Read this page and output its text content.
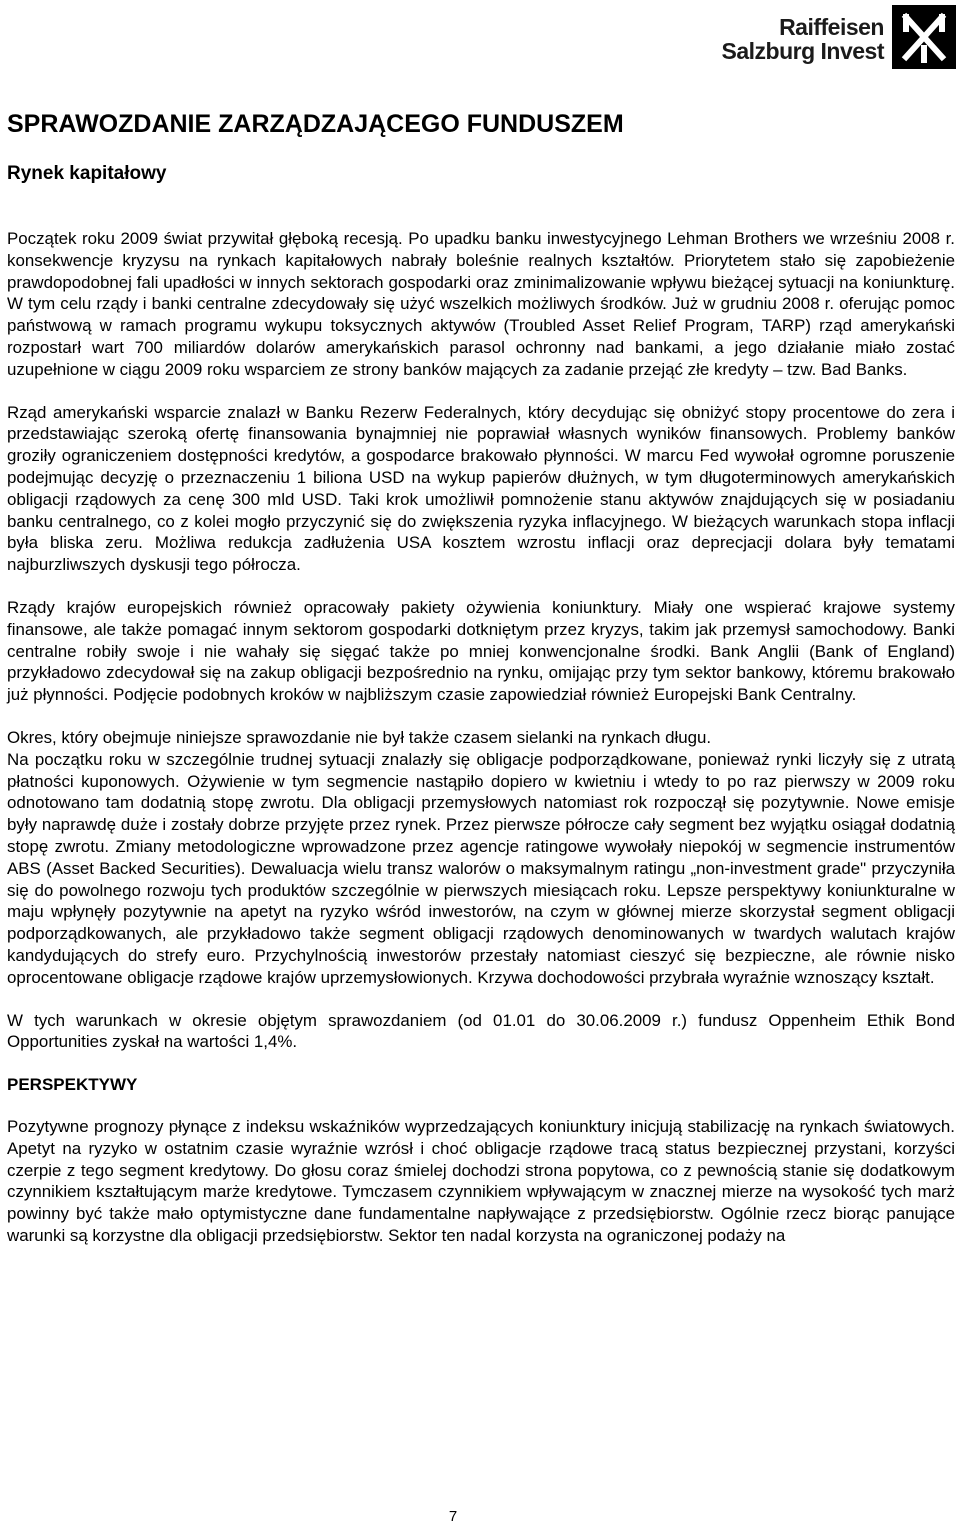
Raiffeisen
Salzburg Invest
SPRAWOZDANIE ZARZĄDZAJĄCEGO FUNDUSZEM
Rynek kapitałowy

Początek roku 2009 świat przywitał głęboką recesją. Po upadku banku inwestycyjnego Lehman Brothers we wrześniu 2008 r. konsekwencje kryzysu na rynkach kapitałowych nabrały boleśnie realnych kształtów. Priorytetem stało się zapobieżenie prawdopodobnej fali upadłości w innych sektorach gospodarki oraz zminimalizowanie wpływu bieżącej sytuacji na koniunkturę. W tym celu rządy i banki centralne zdecydowały się użyć wszelkich możliwych środków. Już w grudniu 2008 r. oferując pomoc państwową w ramach programu wykupu toksycznych aktywów (Troubled Asset Relief Program, TARP) rząd amerykański rozpostarł wart 700 miliardów dolarów amerykańskich parasol ochronny nad bankami, a jego działanie miało zostać uzupełnione w ciągu 2009 roku wsparciem ze strony banków mających za zadanie przejąć złe kredyty – tzw. Bad Banks.

Rząd amerykański wsparcie znalazł w Banku Rezerw Federalnych, który decydując się obniżyć stopy procentowe do zera i przedstawiając szeroką ofertę finansowania bynajmniej nie poprawiał własnych wyników finansowych. Problemy banków groziły ograniczeniem dostępności kredytów, a gospodarce brakowało płynności. W marcu Fed wywołał ogromne poruszenie podejmując decyzję o przeznaczeniu 1 biliona USD na wykup papierów dłużnych, w tym długoterminowych amerykańskich obligacji rządowych za cenę 300 mld USD. Taki krok umożliwił pomnożenie stanu aktywów znajdujących się w posiadaniu banku centralnego, co z kolei mogło przyczynić się do zwiększenia ryzyka inflacyjnego. W bieżących warunkach stopa inflacji była bliska zeru. Możliwa redukcja zadłużenia USA kosztem wzrostu inflacji oraz deprecjacji dolara były tematami najburzliwszych dyskusji tego półrocza.

Rządy krajów europejskich również opracowały pakiety ożywienia koniunktury. Miały one wspierać krajowe systemy finansowe, ale także pomagać innym sektorom gospodarki dotkniętym przez kryzys, takim jak przemysł samochodowy. Banki centralne robiły swoje i nie wahały się sięgać także po mniej konwencjonalne środki. Bank Anglii (Bank of England) przykładowo zdecydował się na zakup obligacji bezpośrednio na rynku, omijając przy tym sektor bankowy, któremu brakowało już płynności. Podjęcie podobnych kroków w najbliższym czasie zapowiedział również Europejski Bank Centralny.

Okres, który obejmuje niniejsze sprawozdanie nie był także czasem sielanki na rynkach długu.

Na początku roku w szczególnie trudnej sytuacji znalazły się obligacje podporządkowane, ponieważ rynki liczyły się z utratą płatności kuponowych. Ożywienie w tym segmencie nastąpiło dopiero w kwietniu i wtedy to po raz pierwszy w 2009 roku odnotowano tam dodatnią stopę zwrotu. Dla obligacji przemysłowych natomiast rok rozpoczął się pozytywnie. Nowe emisje były naprawdę duże i zostały dobrze przyjęte przez rynek. Przez pierwsze półrocze cały segment bez wyjątku osiągał dodatnią stopę zwrotu. Zmiany metodologiczne wprowadzone przez agencje ratingowe wywołały niepokój w segmencie instrumentów ABS (Asset Backed Securities). Dewaluacja wielu transz walorów o maksymalnym ratingu „non-investment grade" przyczyniła się do powolnego rozwoju tych produktów szczególnie w pierwszych miesiącach roku. Lepsze perspektywy koniunkturalne w maju wpłynęły pozytywnie na apetyt na ryzyko wśród inwestorów, na czym w głównej mierze skorzystał segment obligacji podporządkowanych, ale przykładowo także segment obligacji rządowych denominowanych w twardych walutach krajów kandydujących do strefy euro. Przychylnością inwestorów przestały natomiast cieszyć się bezpieczne, ale równie nisko oprocentowane obligacje rządowe krajów uprzemysłowionych. Krzywa dochodowości przybrała wyraźnie wznoszący kształt.

W tych warunkach w okresie objętym sprawozdaniem (od 01.01 do 30.06.2009 r.) fundusz Oppenheim Ethik Bond Opportunities zyskał na wartości 1,4%.

PERSPEKTYWY

Pozytywne prognozy płynące z indeksu wskaźników wyprzedzających koniunktury inicjują stabilizację na rynkach światowych. Apetyt na ryzyko w ostatnim czasie wyraźnie wzrósł i choć obligacje rządowe tracą status bezpiecznej przystani, korzyści czerpie z tego segment kredytowy. Do głosu coraz śmielej dochodzi strona popytowa, co z pewnością stanie się dodatkowym czynnikiem kształtującym marże kredytowe. Tymczasem czynnikiem wpływającym w znacznej mierze na wysokość tych marż powinny być także mało optymistyczne dane fundamentalne napływające z przedsiębiorstw. Ogólnie rzecz biorąc panujące warunki są korzystne dla obligacji przedsiębiorstw. Sektor ten nadal korzysta na ograniczonej podaży na

7
